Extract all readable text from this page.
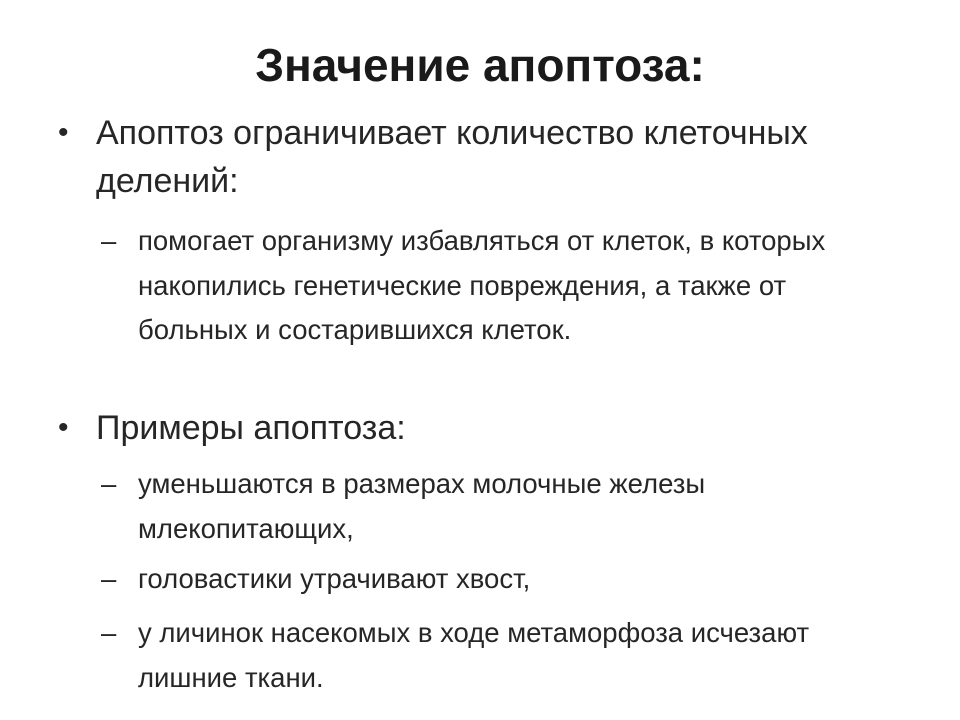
Значение апоптоза:
• Апоптоз ограничивает количество клеточных делений:
– помогает организму избавляться от клеток, в которых накопились генетические повреждения, а также от больных и состарившихся клеток.
• Примеры апоптоза:
– уменьшаются в размерах молочные железы млекопитающих,
– головастики утрачивают хвост,
– у личинок насекомых в ходе метаморфоза исчезают лишние ткани.
